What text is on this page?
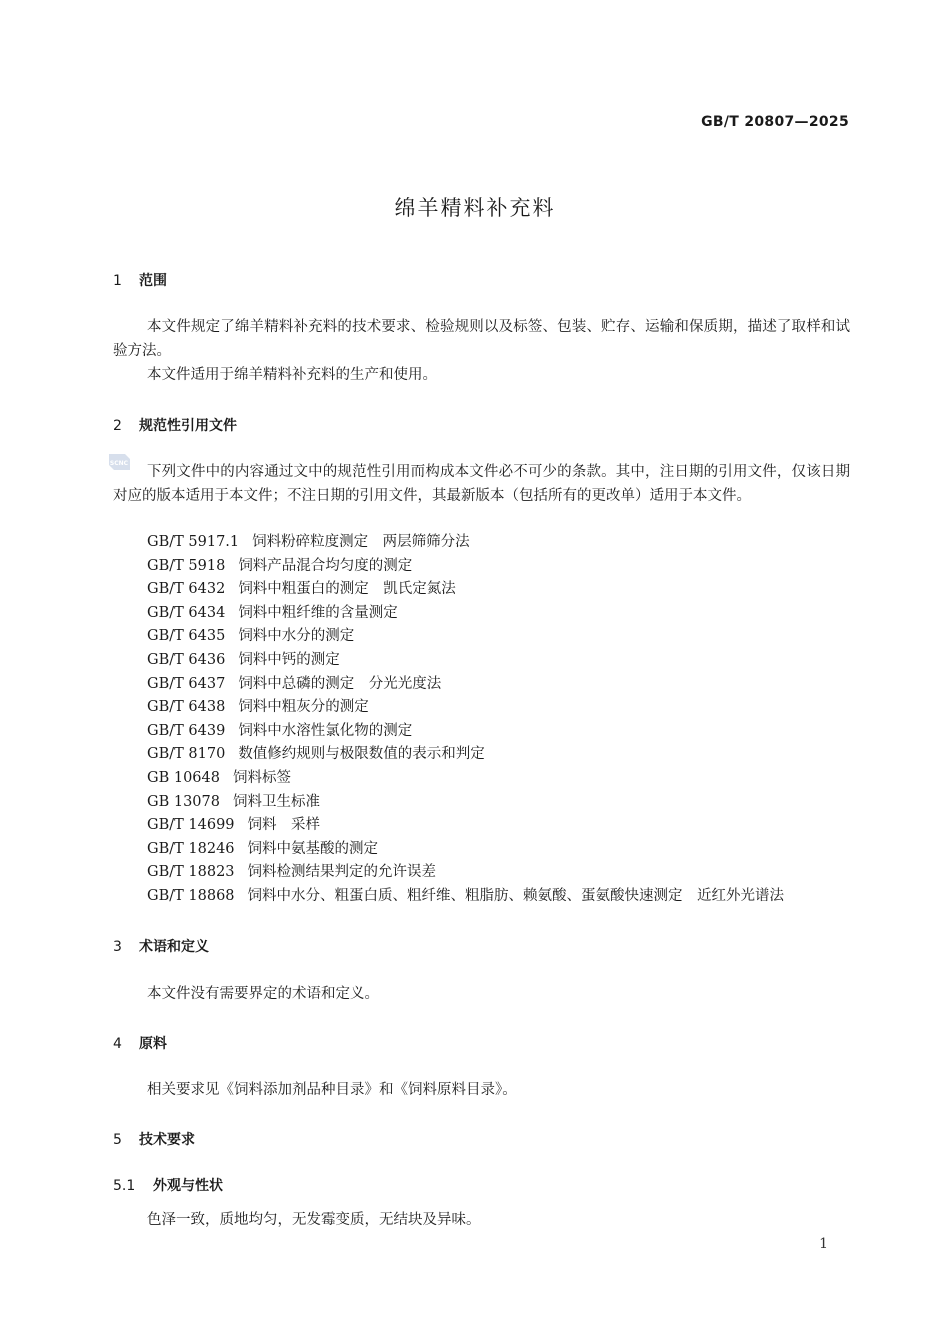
GB/T 20807—2025
绵羊精料补充料
1 范围
本文件规定了绵羊精料补充料的技术要求、检验规则以及标签、包装、贮存、运输和保质期，描述了取样和试验方法。
本文件适用于绵羊精料补充料的生产和使用。
2 规范性引用文件
SCNC
下列文件中的内容通过文中的规范性引用而构成本文件必不可少的条款。其中，注日期的引用文件，仅该日期对应的版本适用于本文件；不注日期的引用文件，其最新版本（包括所有的更改单）适用于本文件。
GB/T 5917.1 饲料粉碎粒度测定　两层筛筛分法
GB/T 5918 饲料产品混合均匀度的测定
GB/T 6432 饲料中粗蛋白的测定　凯氏定氮法
GB/T 6434 饲料中粗纤维的含量测定
GB/T 6435 饲料中水分的测定
GB/T 6436 饲料中钙的测定
GB/T 6437 饲料中总磷的测定　分光光度法
GB/T 6438 饲料中粗灰分的测定
GB/T 6439 饲料中水溶性氯化物的测定
GB/T 8170 数值修约规则与极限数值的表示和判定
GB 10648 饲料标签
GB 13078 饲料卫生标准
GB/T 14699 饲料　采样
GB/T 18246 饲料中氨基酸的测定
GB/T 18823 饲料检测结果判定的允许误差
GB/T 18868 饲料中水分、粗蛋白质、粗纤维、粗脂肪、赖氨酸、蛋氨酸快速测定　近红外光谱法
3 术语和定义
本文件没有需要界定的术语和定义。
4 原料
相关要求见《饲料添加剂品种目录》和《饲料原料目录》。
5 技术要求
5.1 外观与性状
色泽一致，质地均匀，无发霉变质，无结块及异味。
1
